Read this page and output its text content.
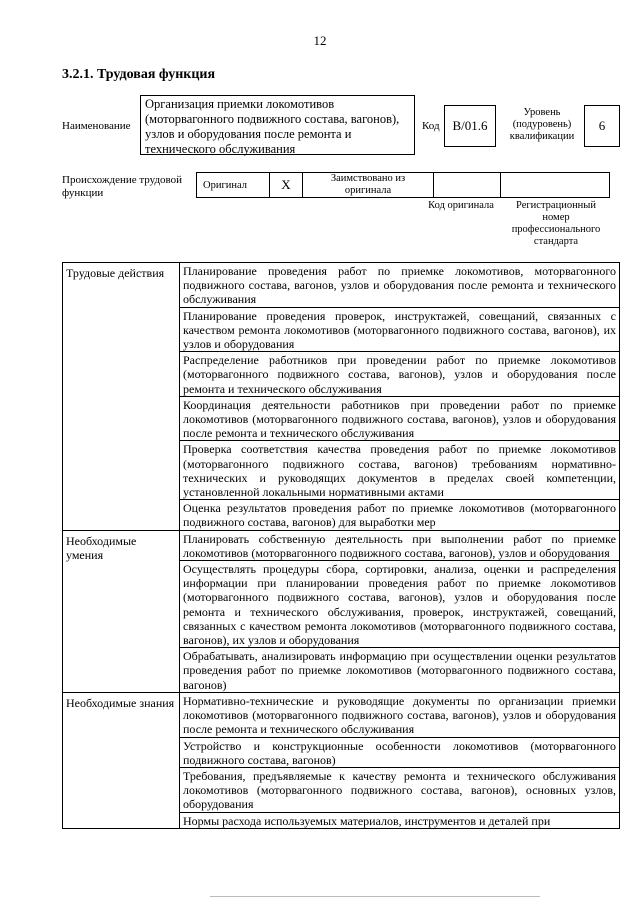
12
3.2.1. Трудовая функция
Наименование
Организация приемки локомотивов (моторвагонного подвижного состава, вагонов), узлов и оборудования после ремонта и технического обслуживания
Код В/01.6
Уровень (подуровень) квалификации
6
Происхождение трудовой функции
Оригинал	X	Заимствовано из оригинала		
Код оригинала	Регистрационный номер профессионального стандарта
Трудовые действия	Планирование проведения работ по приемке локомотивов, моторвагонного подвижного состава, вагонов, узлов и оборудования после ремонта и технического обслуживания
	Планирование проведения проверок, инструктажей, совещаний, связанных с качеством ремонта локомотивов (моторвагонного подвижного состава, вагонов), их узлов и оборудования
	Распределение работников при проведении работ по приемке локомотивов (моторвагонного подвижного состава, вагонов), узлов и оборудования после ремонта и технического обслуживания
	Координация деятельности работников при проведении работ по приемке локомотивов (моторвагонного подвижного состава, вагонов), узлов и оборудования после ремонта и технического обслуживания
	Проверка соответствия качества проведения работ по приемке локомотивов (моторвагонного подвижного состава, вагонов) требованиям нормативно-технических и руководящих документов в пределах своей компетенции, установленной локальными нормативными актами
	Оценка результатов проведения работ по приемке локомотивов (моторвагонного подвижного состава, вагонов) для выработки мер
Необходимые умения	Планировать собственную деятельность при выполнении работ по приемке локомотивов (моторвагонного подвижного состава, вагонов), узлов и оборудования
	Осуществлять процедуры сбора, сортировки, анализа, оценки и распределения информации при планировании проведения работ по приемке локомотивов (моторвагонного подвижного состава, вагонов), узлов и оборудования после ремонта и технического обслуживания, проверок, инструктажей, совещаний, связанных с качеством ремонта локомотивов (моторвагонного подвижного состава, вагонов), их узлов и оборудования
	Обрабатывать, анализировать информацию при осуществлении оценки результатов проведения работ по приемке локомотивов (моторвагонного подвижного состава, вагонов)
Необходимые знания	Нормативно-технические и руководящие документы по организации приемки локомотивов (моторвагонного подвижного состава, вагонов), узлов и оборудования после ремонта и технического обслуживания
	Устройство и конструкционные особенности локомотивов (моторвагонного подвижного состава, вагонов)
	Требования, предъявляемые к качеству ремонта и технического обслуживания локомотивов (моторвагонного подвижного состава, вагонов), основных узлов, оборудования
	Нормы расхода используемых материалов, инструментов и деталей при
